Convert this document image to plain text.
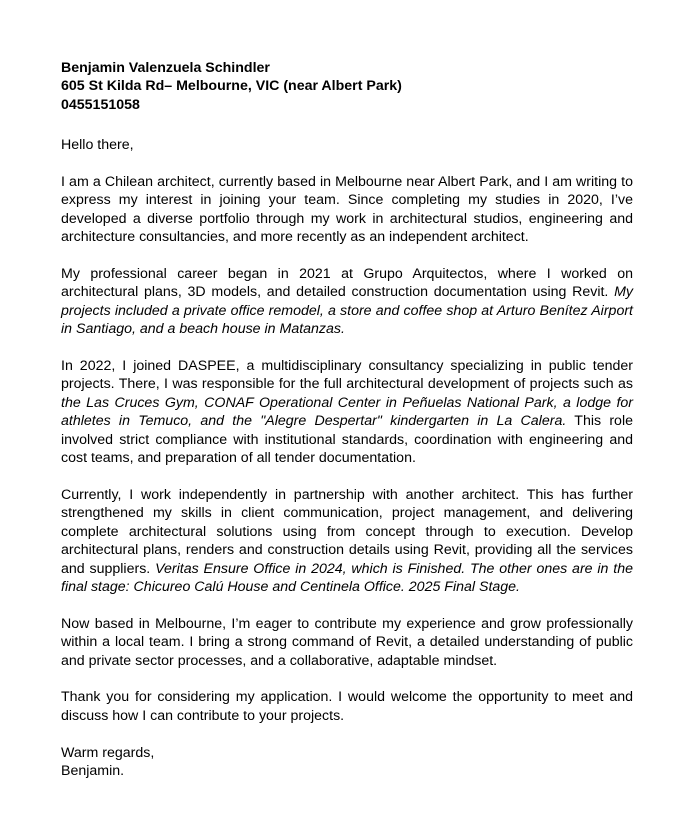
Benjamin Valenzuela Schindler
605 St Kilda Rd– Melbourne, VIC (near Albert Park)
0455151058

Hello there,

I am a Chilean architect, currently based in Melbourne near Albert Park, and I am writing to express my interest in joining your team. Since completing my studies in 2020, I’ve developed a diverse portfolio through my work in architectural studios, engineering and architecture consultancies, and more recently as an independent architect.

My professional career began in 2021 at Grupo Arquitectos, where I worked on architectural plans, 3D models, and detailed construction documentation using Revit. My projects included a private office remodel, a store and coffee shop at Arturo Benítez Airport in Santiago, and a beach house in Matanzas.

In 2022, I joined DASPEE, a multidisciplinary consultancy specializing in public tender projects. There, I was responsible for the full architectural development of projects such as the Las Cruces Gym, CONAF Operational Center in Peñuelas National Park, a lodge for athletes in Temuco, and the "Alegre Despertar" kindergarten in La Calera. This role involved strict compliance with institutional standards, coordination with engineering and cost teams, and preparation of all tender documentation.

Currently, I work independently in partnership with another architect. This has further strengthened my skills in client communication, project management, and delivering complete architectural solutions using from concept through to execution. Develop architectural plans, renders and construction details using Revit, providing all the services and suppliers. Veritas Ensure Office in 2024, which is Finished. The other ones are in the final stage: Chicureo Calú House and Centinela Office. 2025 Final Stage.

Now based in Melbourne, I’m eager to contribute my experience and grow professionally within a local team. I bring a strong command of Revit, a detailed understanding of public and private sector processes, and a collaborative, adaptable mindset.

Thank you for considering my application. I would welcome the opportunity to meet and discuss how I can contribute to your projects.

Warm regards,
Benjamin.
